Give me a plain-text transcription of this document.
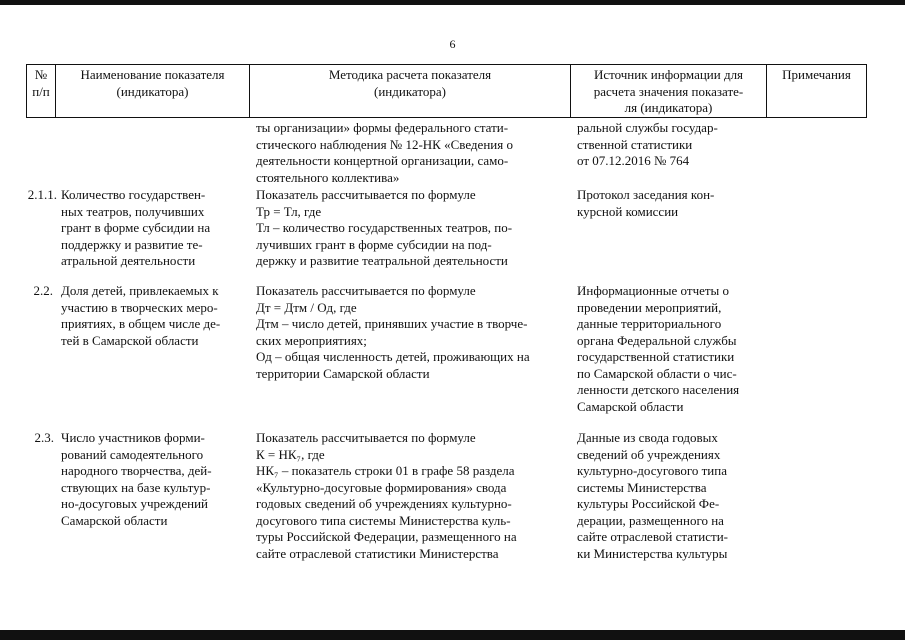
6
№
п/п
Наименование показателя
(индикатора)
Методика расчета показателя
(индикатора)
Источник информации для
расчета значения показате-
ля (индикатора)
Примечания
ты организации» формы федерального стати-
стического наблюдения № 12-НК «Сведения о
деятельности концертной организации, само-
стоятельного коллектива»
ральной службы государ-
ственной статистики
от 07.12.2016 № 764
2.1.1. Количество государствен-
ных театров, получивших
грант в форме субсидии на
поддержку и развитие те-
атральной деятельности
Показатель рассчитывается по формуле
Тр = Тл, где
Тл – количество государственных театров, по-
лучивших грант в форме субсидии на под-
держку и развитие театральной деятельности
Протокол заседания кон-
курсной комиссии
2.2. Доля детей, привлекаемых к
участию в творческих меро-
приятиях, в общем числе де-
тей в Самарской области
Показатель рассчитывается по формуле
Дт = Дтм / Од, где
Дтм – число детей, принявших участие в творче-
ских мероприятиях;
Од – общая численность детей, проживающих на
территории Самарской области
Информационные отчеты о
проведении мероприятий,
данные территориального
органа Федеральной службы
государственной статистики
по Самарской области о чис-
ленности детского населения
Самарской области
2.3. Число участников форми-
рований самодеятельного
народного творчества, дей-
ствующих на базе культур-
но-досуговых учреждений
Самарской области
Показатель рассчитывается по формуле
К = НК₇, где
НК₇ – показатель строки 01 в графе 58 раздела
«Культурно-досуговые формирования» свода
годовых сведений об учреждениях культурно-
досугового типа системы Министерства куль-
туры Российской Федерации, размещенного на
сайте отраслевой статистики Министерства
Данные из свода годовых
сведений об учреждениях
культурно-досугового типа
системы Министерства
культуры Российской Фе-
дерации, размещенного на
сайте отраслевой статисти-
ки Министерства культуры
